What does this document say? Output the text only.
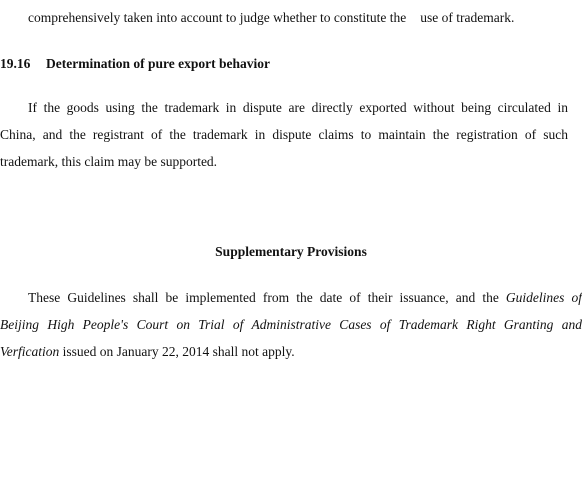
comprehensively taken into account to judge whether to constitute the use of trademark.
19.16 Determination of pure export behavior
If the goods using the trademark in dispute are directly exported without being circulated in
China, and the registrant of the trademark in dispute claims to maintain the registration of such
trademark, this claim may be supported.
Supplementary Provisions
These Guidelines shall be implemented from the date of their issuance, and the Guidelines of
Beijing High People's Court on Trial of Administrative Cases of Trademark Right Granting and
Verfication issued on January 22, 2014 shall not apply.
